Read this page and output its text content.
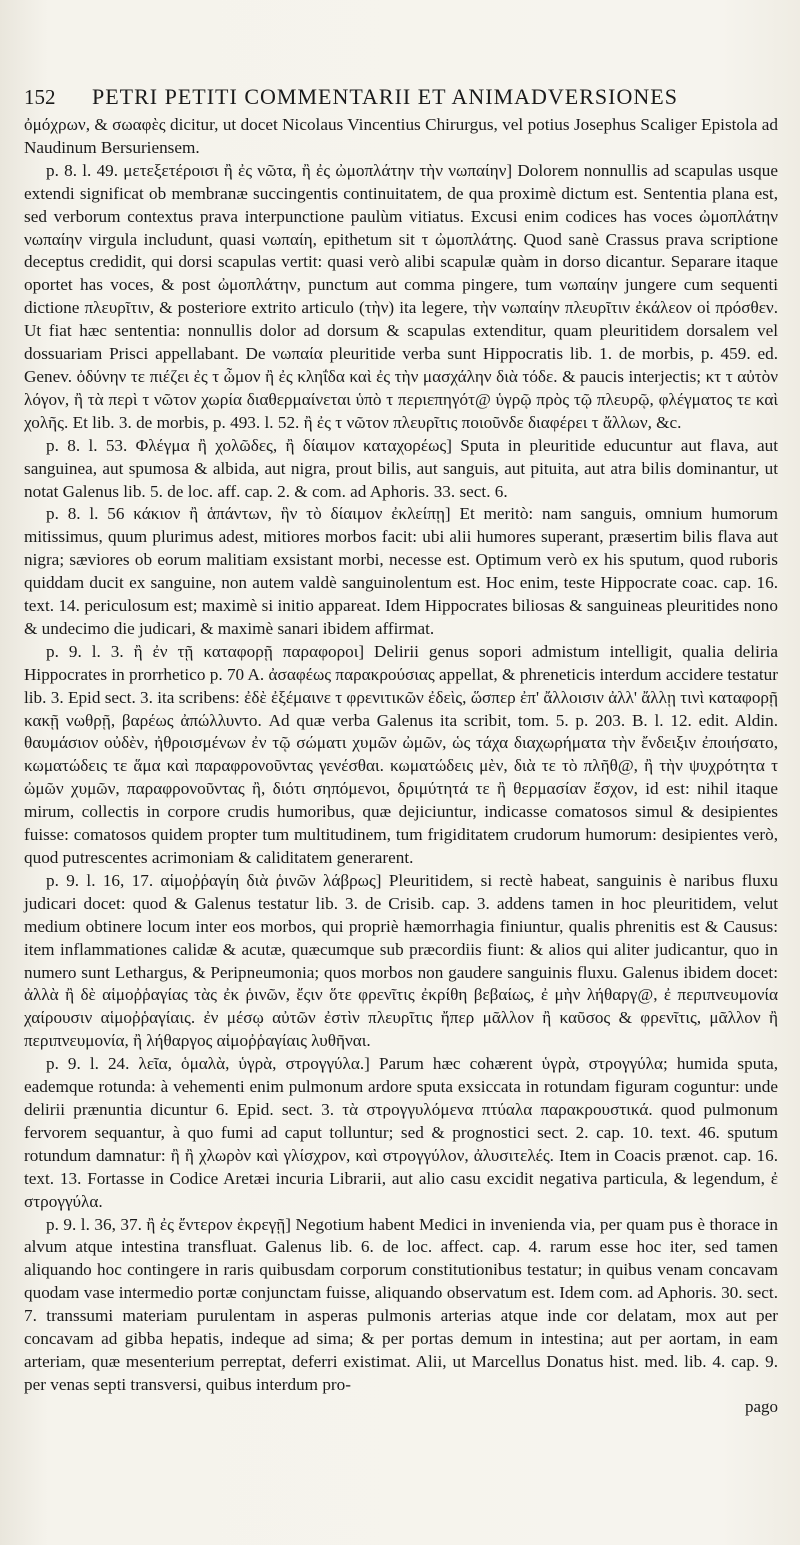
152	PETRI PETITI COMMENTARII ET ANIMADVERSIONES

ὀμόχρων, & σωαφὲς dicitur, ut docet Nicolaus Vincentius Chirurgus, vel potius Josephus Scaliger Epistola ad Naudinum Bersuriensem.

p. 8. l. 49. μετεξετέροισι ἢ ἐς νῶτα, ἢ ἐς ὠμοπλάτην τὴν νωπαίην] Dolorem nonnullis ad scapulas usque extendi significat ob membranæ succingentis continuitatem, de qua proximè dictum est. Sententia plana est, sed verborum contextus prava interpunctione paulùm vitiatus. Excusi enim codices has voces ὠμοπλάτην νωπαίην virgula includunt, quasi νωπαίη, epithetum sit τ ὠμοπλάτης. Quod sanè Crassus prava scriptione deceptus credidit, qui dorsi scapulas vertit: quasi verò alibi scapulæ quàm in dorso dicantur. Separare itaque oportet has voces, & post ὠμοπλάτην, punctum aut comma pingere, tum νωπαίην jungere cum sequenti dictione πλευρῖτιν, & posteriore extrito articulo (τὴν) ita legere, τὴν νωπαίην πλευρῖτιν ἐκάλεον οἱ πρόσθεν. Ut fiat hæc sententia: nonnullis dolor ad dorsum & scapulas extenditur, quam pleuritidem dorsalem vel dossuariam Prisci appellabant. De νωπαία pleuritide verba sunt Hippocratis lib. 1. de morbis, p. 459. ed. Genev. ὀδύνην τε πιέζει ἐς τ ὦμον ἢ ἐς κληΐδα καὶ ἐς τὴν μασχάλην διὰ τόδε. & paucis interjectis; κτ τ αὐτὸν λόγον, ἢ τὰ περὶ τ νῶτον χωρία διαθερμαίνεται ὑπὸ τ περιεπηγότ@ ὑγρῷ πρὸς τῷ πλευρῷ, φλέγματος τε καὶ χολῆς. Et lib. 3. de morbis, p. 493. l. 52. ἢ ἐς τ νῶτον πλευρῖτις ποιοῦνδε διαφέρει τ ἄλλων, &c.

p. 8. l. 53. Φλέγμα ἢ χολῶδες, ἢ δίαιμον καταχορέως] Sputa in pleuritide educuntur aut flava, aut sanguinea, aut spumosa & albida, aut nigra, prout bilis, aut sanguis, aut pituita, aut atra bilis dominantur, ut notat Galenus lib. 5. de loc. aff. cap. 2. & com. ad Aphoris. 33. sect. 6.

p. 8. l. 56 κάκιον ἢ ἁπάντων, ἣν τὸ δίαιμον ἐκλείπῃ] Et meritò: nam sanguis, omnium humorum mitissimus, quum plurimus adest, mitiores morbos facit: ubi alii humores superant, præsertim bilis flava aut nigra; sæviores ob eorum malitiam exsistant morbi, necesse est. Optimum verò ex his sputum, quod ruboris quiddam ducit ex sanguine, non autem valdè sanguinolentum est. Hoc enim, teste Hippocrate coac. cap. 16. text. 14. periculosum est; maximè si initio appareat. Idem Hippocrates biliosas & sanguineas pleuritides nono & undecimo die judicari, & maximè sanari ibidem affirmat.

p. 9. l. 3. ἢ ἐν τῇ καταφορῇ παραφοροι] Delirii genus sopori admistum intelligit, qualia deliria Hippocrates in prorrhetico p. 70 A. ἀσαφέως παρακρούσιας appellat, & phreneticis interdum accidere testatur lib. 3. Epid sect. 3. ita scribens: ἐδὲ ἐξέμαινε τ φρενιτικῶν ἐδεὶς, ὥσπερ ἐπ' ἄλλοισιν ἀλλ' ἄλλῃ τινὶ καταφορῇ κακῇ νωθρῇ, βαρέως ἀπώλλυντο. Ad quæ verba Galenus ita scribit, tom. 5. p. 203. B. l. 12. edit. Aldin. θαυμάσιον οὐδὲν, ἠθροισμένων ἐν τῷ σώματι χυμῶν ὠμῶν, ὡς τάχα διαχωρήματα τὴν ἔνδειξιν ἐποιήσατο, κωματώδεις τε ἅμα καὶ παραφρονοῦντας γενέσθαι. κωματώδεις μὲν, διὰ τε τὸ πλῆθ@, ἢ τὴν ψυχρότητα τ ὠμῶν χυμῶν, παραφρονοῦντας ἢ, διότι σηπόμενοι, δριμύτητά τε ἢ θερμασίαν ἔσχον, id est: nihil itaque mirum, collectis in corpore crudis humoribus, quæ dejiciuntur, indicasse comatosos simul & desipientes fuisse: comatosos quidem propter tum multitudinem, tum frigiditatem crudorum humorum: desipientes verò, quod putrescentes acrimoniam & caliditatem generarent.

p. 9. l. 16, 17. αἱμοῤῥαγίη διὰ ῥινῶν λάβρως] Pleuritidem, si rectè habeat, sanguinis è naribus fluxu judicari docet: quod & Galenus testatur lib. 3. de Crisib. cap. 3. addens tamen in hoc pleuritidem, velut medium obtinere locum inter eos morbos, qui propriè hæmorrhagia finiuntur, qualis phrenitis est & Causus: item inflammationes calidæ & acutæ, quæcumque sub præcordiis fiunt: & alios qui aliter judicantur, quo in numero sunt Lethargus, & Peripneumonia; quos morbos non gaudere sanguinis fluxu. Galenus ibidem docet: ἀλλὰ ἢ δὲ αἱμοῤῥαγίας τὰς ἐκ ῥινῶν, ἔςιν ὅτε φρενῖτις ἐκρίθη βεβαίως, ἐ μὴν λήθαργ@, ἐ περιπνευμονία χαίρουσιν αἱμοῤῥαγίαις. ἐν μέσῳ αὐτῶν ἐστὶν πλευρῖτις ἤπερ μᾶλλον ἢ καῦσος & φρενῖτις, μᾶλλον ἢ περιπνευμονία, ἢ λήθαργος αἱμοῤῥαγίαις λυθῆναι.

p. 9. l. 24. λεῖα, ὁμαλὰ, ὑγρὰ, στρογγύλα.] Parum hæc cohærent ὑγρὰ, στρογγύλα; humida sputa, eademque rotunda: à vehementi enim pulmonum ardore sputa exsiccata in rotundam figuram coguntur: unde delirii prænuntia dicuntur 6. Epid. sect. 3. τὰ στρογγυλόμενα πτύαλα παρακρουστικά. quod pulmonum fervorem sequantur, à quo fumi ad caput tolluntur; sed & prognostici sect. 2. cap. 10. text. 46. sputum rotundum damnatur: ἢ ἢ χλωρὸν καὶ γλίσχρον, καὶ στρογγύλον, ἀλυσιτελές. Item in Coacis prænot. cap. 16. text. 13. Fortasse in Codice Aretæi incuria Librarii, aut alio casu excidit negativa particula, & legendum, ἐ στρογγύλα.

p. 9. l. 36, 37. ἢ ἐς ἔντερον ἐκρεγῇ] Negotium habent Medici in invenienda via, per quam pus è thorace in alvum atque intestina transfluat. Galenus lib. 6. de loc. affect. cap. 4. rarum esse hoc iter, sed tamen aliquando hoc contingere in raris quibusdam corporum constitutionibus testatur; in quibus venam concavam quodam vase intermedio portæ conjunctam fuisse, aliquando observatum est. Idem com. ad Aphoris. 30. sect. 7. transsumi materiam purulentam in asperas pulmonis arterias atque inde cor delatam, mox aut per concavam ad gibba hepatis, indeque ad sima; & per portas demum in intestina; aut per aortam, in eam arteriam, quæ mesenterium perreptat, deferri existimat. Alii, ut Marcellus Donatus hist. med. lib. 4. cap. 9. per venas septi transversi, quibus interdum pro-

pago
